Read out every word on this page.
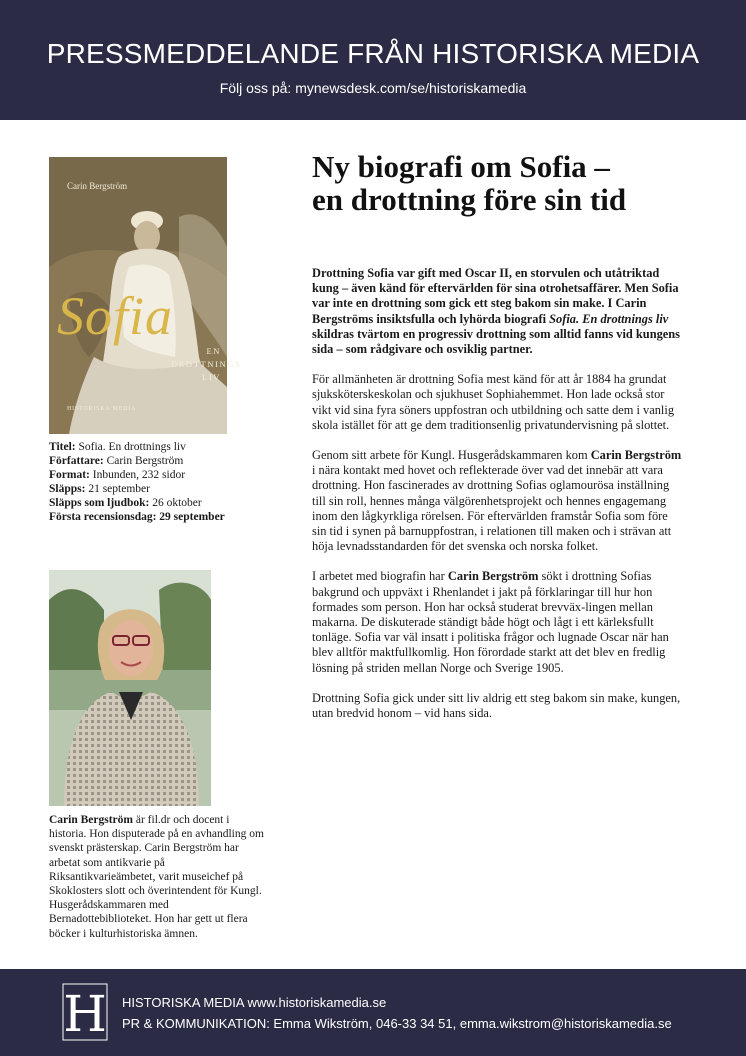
PRESSMEDDELANDE FRÅN HISTORISKA MEDIA
Följ oss på: mynewsdesk.com/se/historiskamedia
Carin Bergström
Sofia
EN
DROTTNINGS
LIV
HISTORISKA MEDIA
Titel: Sofia. En drottnings liv
Författare: Carin Bergström
Format: Inbunden, 232 sidor
Släpps: 21 september
Släpps som ljudbok: 26 oktober
Första recensionsdag: 29 september
Carin Bergström är fil.dr och docent i historia. Hon disputerade på en avhandling om svenskt prästerskap. Carin Bergström har arbetat som antikvarie på Riksantikvarieämbetet, varit museichef på Skoklosters slott och överintendent för Kungl. Husgerådskammaren med Bernadottebiblioteket. Hon har gett ut flera böcker i kulturhistoriska ämnen.
Ny biografi om Sofia –
en drottning före sin tid

Drottning Sofia var gift med Oscar II, en storvulen och utåtriktad kung – även känd för eftervärlden för sina otrohetsaffärer. Men Sofia var inte en drottning som gick ett steg bakom sin make. I Carin Bergströms insiktsfulla och lyhörda biografi Sofia. En drottnings liv skildras tvärtom en progressiv drottning som alltid fanns vid kungens sida – som rådgivare och osviklig partner.

För allmänheten är drottning Sofia mest känd för att år 1884 ha grundat sjuksköterskeskolan och sjukhuset Sophiahemmet. Hon lade också stor vikt vid sina fyra söners uppfostran och utbildning och satte dem i vanlig skola istället för att ge dem traditionsenlig privatundervisning på slottet.

Genom sitt arbete för Kungl. Husgerådskammaren kom Carin Bergström i nära kontakt med hovet och reflekterade över vad det innebär att vara drottning. Hon fascinerades av drottning Sofias oglamourösa inställning till sin roll, hennes många välgörenhetsprojekt och hennes engagemang inom den lågkyrkliga rörelsen. För eftervärlden framstår Sofia som före sin tid i synen på barnuppfostran, i relationen till maken och i strävan att höja levnadsstandarden för det svenska och norska folket.

I arbetet med biografin har Carin Bergström sökt i drottning Sofias bakgrund och uppväxt i Rhenlandet i jakt på förklaringar till hur hon formades som person. Hon har också studerat brevväx-lingen mellan makarna. De diskuterade ständigt både högt och lågt i ett kärleksfullt tonläge. Sofia var väl insatt i politiska frågor och lugnade Oscar när han blev alltför maktfullkomlig. Hon förordade starkt att det blev en fredlig lösning på striden mellan Norge och Sverige 1905.

Drottning Sofia gick under sitt liv aldrig ett steg bakom sin make, kungen, utan bredvid honom – vid hans sida.

H HISTORISKA MEDIA www.historiskamedia.se
PR & KOMMUNIKATION: Emma Wikström, 046-33 34 51, emma.wikstrom@historiskamedia.se
